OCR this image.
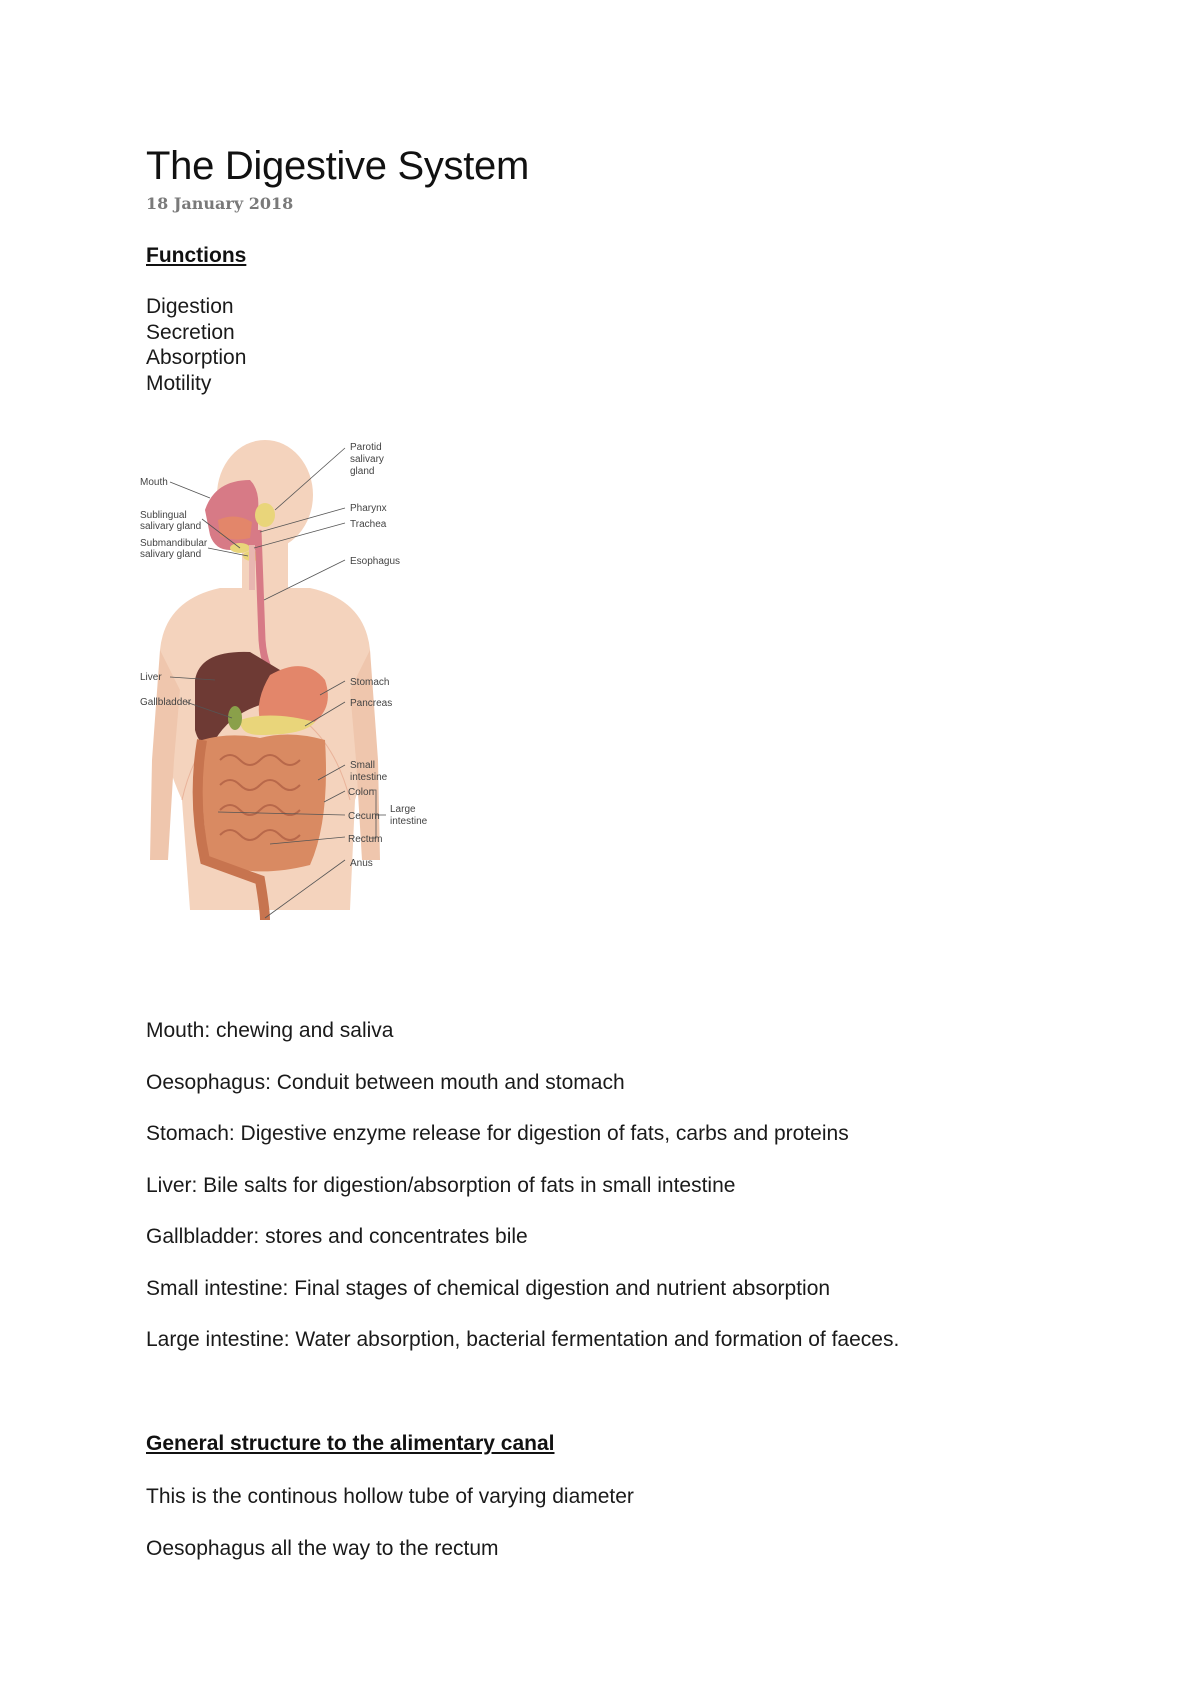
The Digestive System
18 January 2018
Functions
Digestion
Secretion
Absorption
Motility
Mouth
Sublingual
salivary gland
Submandibular
salivary gland
Liver
Gallbladder
Parotid
salivary
gland
Pharynx
Trachea
Esophagus
Stomach
Pancreas
Small
intestine
Colon
Cecum
Rectum
Anus
Large
intestine
Mouth: chewing and saliva
Oesophagus: Conduit between mouth and stomach
Stomach: Digestive enzyme release for digestion of fats, carbs and proteins
Liver: Bile salts for digestion/absorption of fats in small intestine
Gallbladder: stores and concentrates bile
Small intestine: Final stages of chemical digestion and nutrient absorption
Large intestine: Water absorption, bacterial fermentation and formation of faeces.
General structure to the alimentary canal
This is the continous hollow tube of varying diameter
Oesophagus all the way to the rectum
